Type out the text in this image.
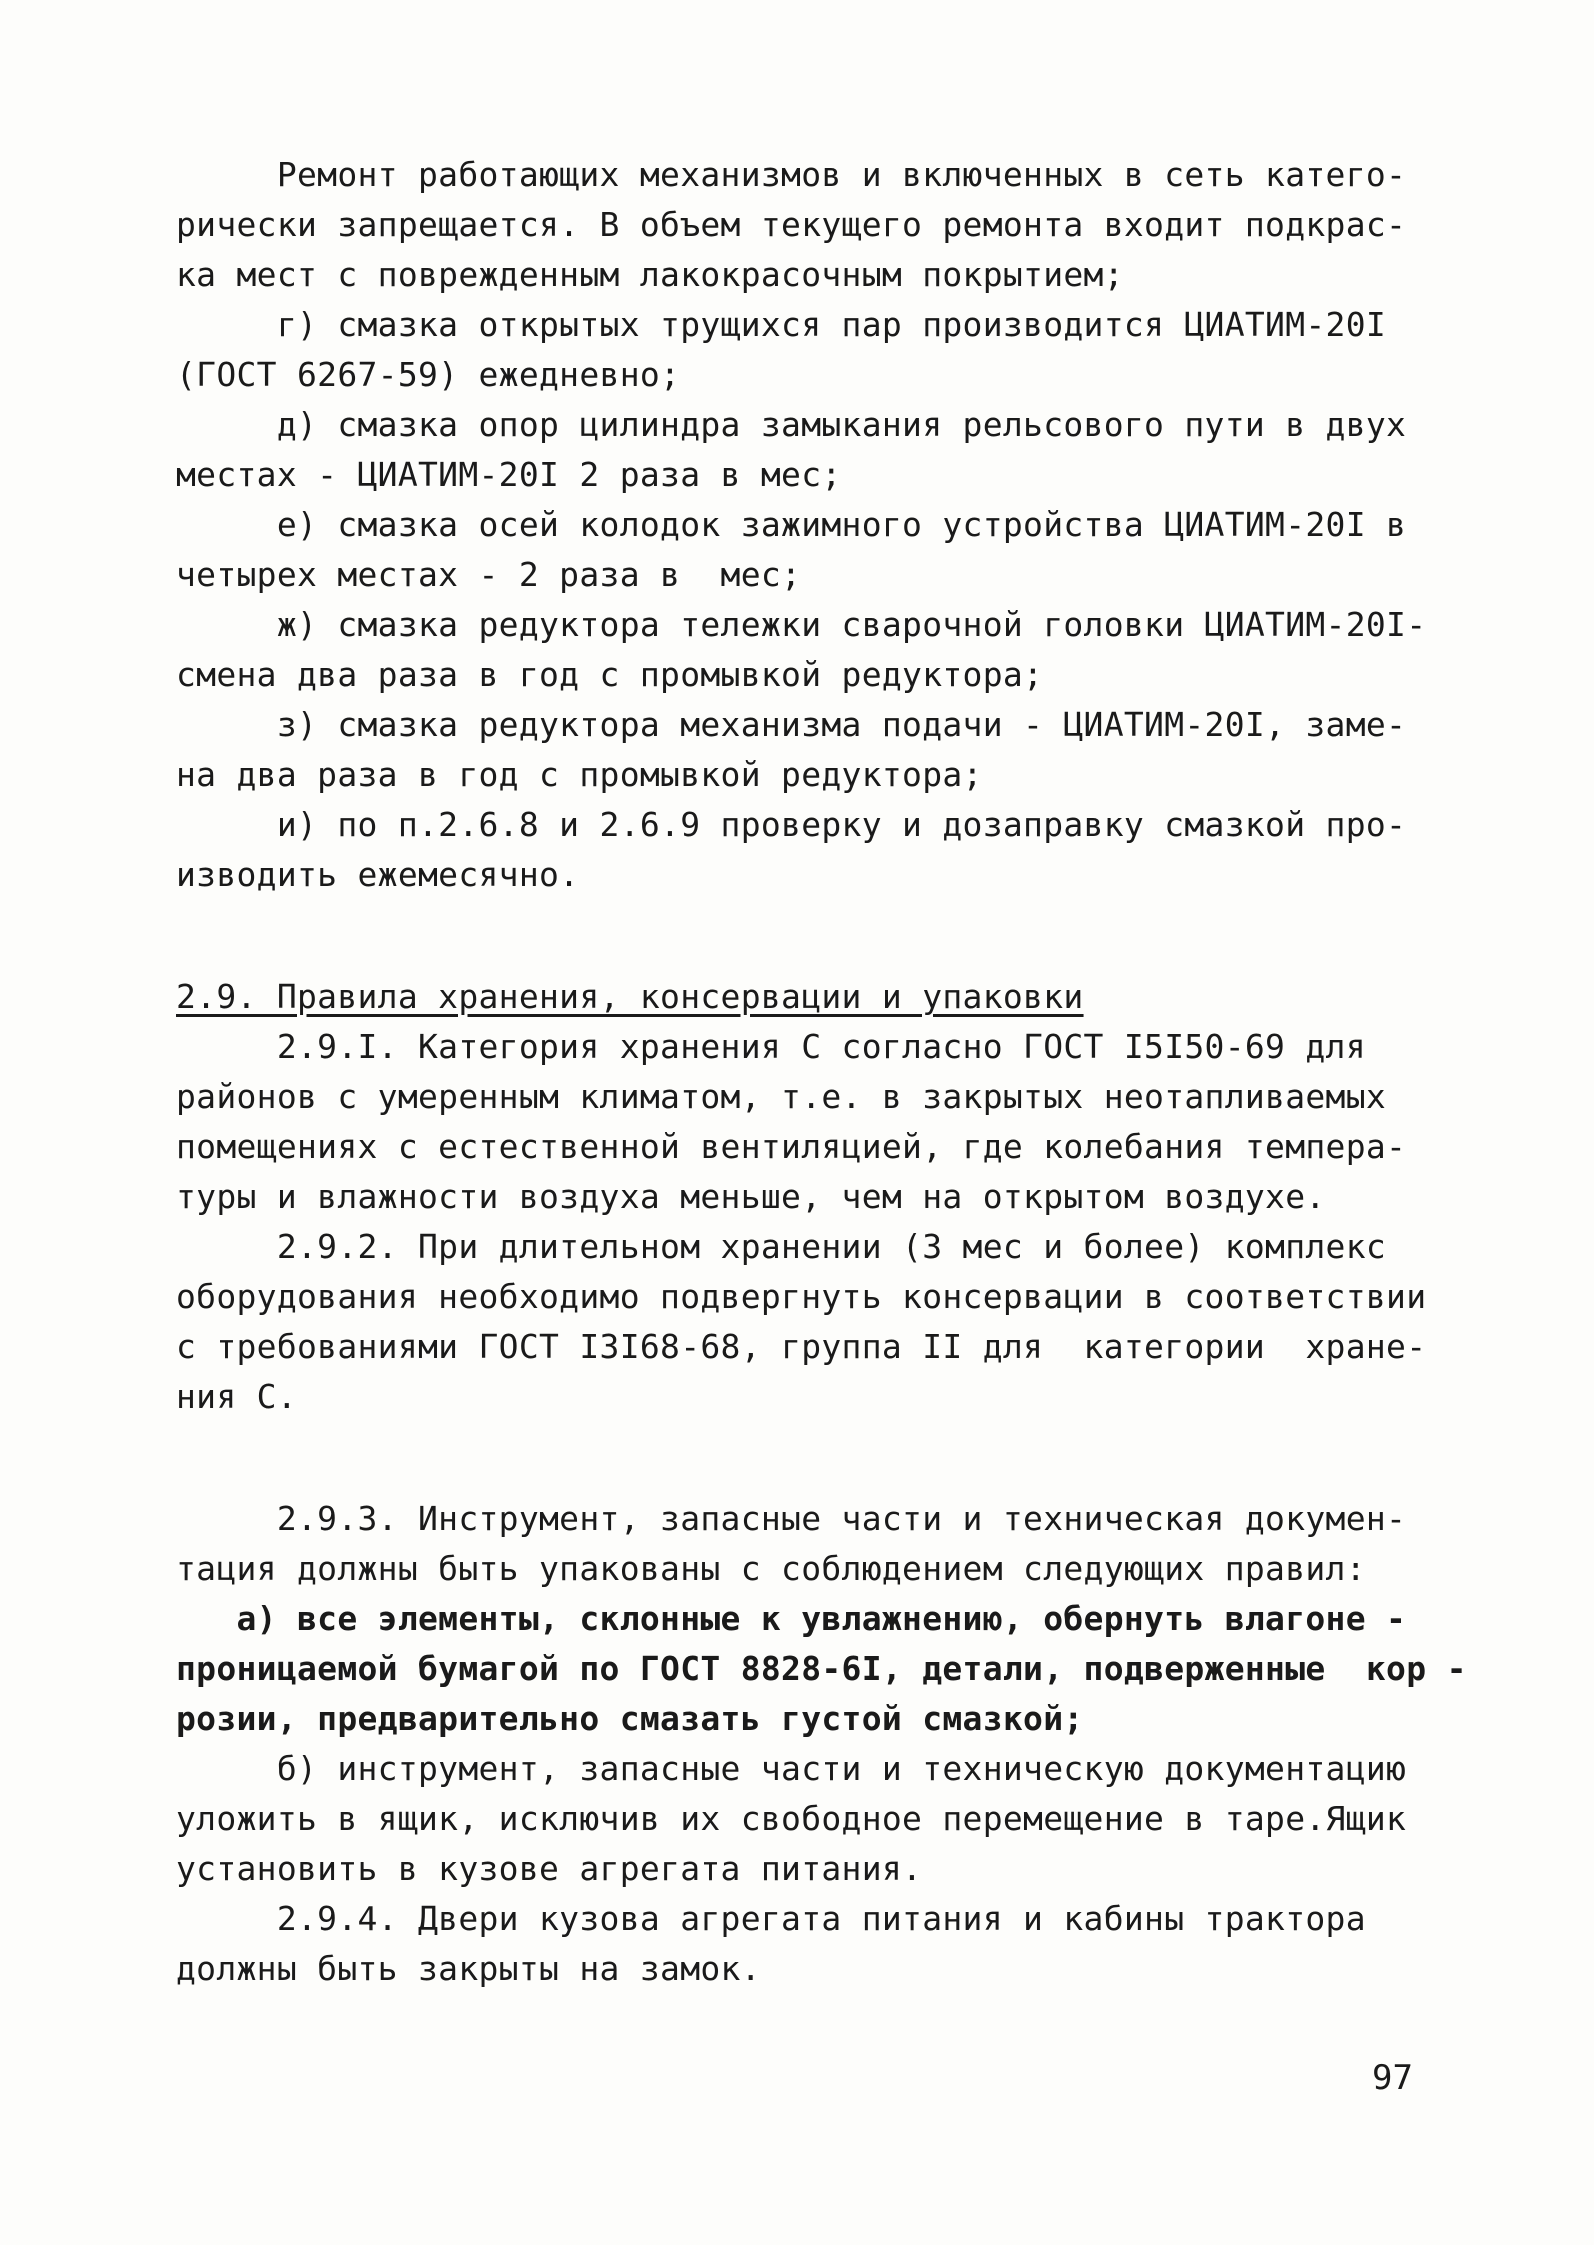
Ремонт работающих механизмов и включенных в сеть катего-
рически запрещается. В объем текущего ремонта входит подкрас-
ка мест с поврежденным лакокрасочным покрытием;
г) смазка открытых трущихся пар производится ЦИАТИМ-20I
(ГОСТ 6267-59) ежедневно;
д) смазка опор цилиндра замыкания рельсового пути в двух
местах - ЦИАТИМ-20I 2 раза в мес;
е) смазка осей колодок зажимного устройства ЦИАТИМ-20I в
четырех местах - 2 раза в  мес;
ж) смазка редуктора тележки сварочной головки ЦИАТИМ-20I-
смена два раза в год с промывкой редуктора;
з) смазка редуктора механизма подачи - ЦИАТИМ-20I, заме-
на два раза в год с промывкой редуктора;
и) по п.2.6.8 и 2.6.9 проверку и дозаправку смазкой про-
изводить ежемесячно.
2.9. Правила хранения, консервации и упаковки
2.9.I. Категория хранения С согласно ГОСТ I5I50-69 для
районов с умеренным климатом, т.е. в закрытых неотапливаемых
помещениях с естественной вентиляцией, где колебания темпера-
туры и влажности воздуха меньше, чем на открытом воздухе.
2.9.2. При длительном хранении (3 мес и более) комплекс
оборудования необходимо подвергнуть консервации в соответствии
с требованиями ГОСТ I3I68-68, группа II для  категории  хране-
ния С.
2.9.3. Инструмент, запасные части и техническая докумен-
тация должны быть упакованы с соблюдением следующих правил:
а) все элементы, склонные к увлажнению, обернуть влагоне -
проницаемой бумагой по ГОСТ 8828-6I, детали, подверженные  кор -
розии, предварительно смазать густой смазкой;
б) инструмент, запасные части и техническую документацию
уложить в ящик, исключив их свободное перемещение в таре.Ящик
установить в кузове агрегата питания.
2.9.4. Двери кузова агрегата питания и кабины трактора
должны быть закрыты на замок.
97
